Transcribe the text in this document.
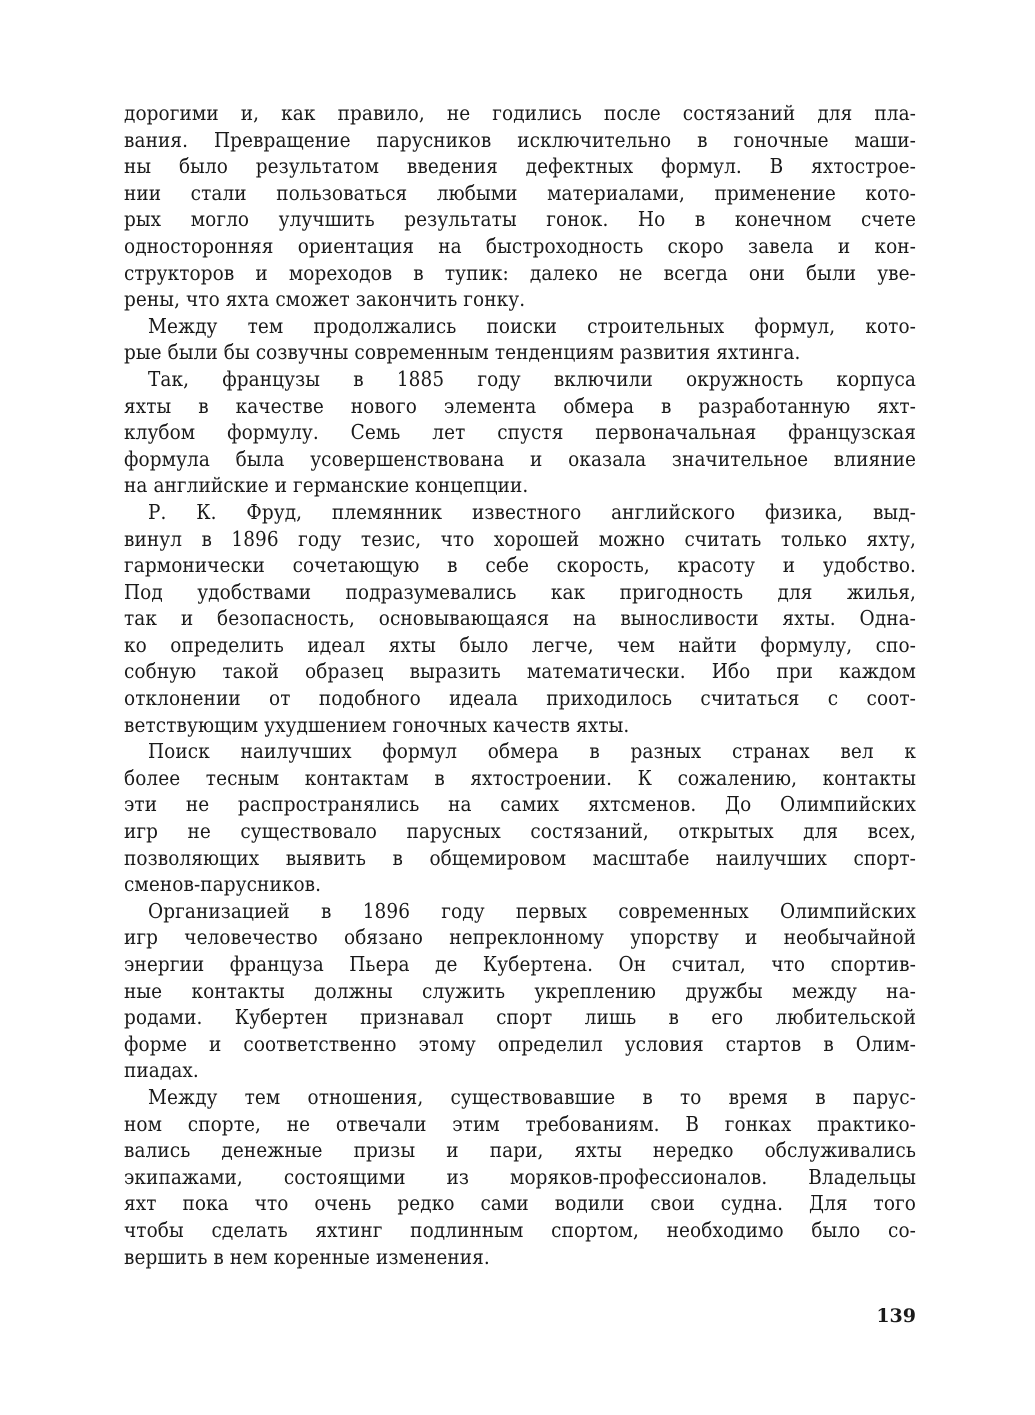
дорогими и, как правило, не годились после состязаний для пла-
вания. Превращение парусников исключительно в гоночные маши-
ны было результатом введения дефектных формул. В яхтострое-
нии стали пользоваться любыми материалами, применение кото-
рых могло улучшить результаты гонок. Но в конечном счете
односторонняя ориентация на быстроходность скоро завела и кон-
структоров и мореходов в тупик: далеко не всегда они были уве-
рены, что яхта сможет закончить гонку.
Между тем продолжались поиски строительных формул, кото-
рые были бы созвучны современным тенденциям развития яхтинга.
Так, французы в 1885 году включили окружность корпуса
яхты в качестве нового элемента обмера в разработанную яхт-
клубом формулу. Семь лет спустя первоначальная французская
формула была усовершенствована и оказала значительное влияние
на английские и германские концепции.
Р. К. Фруд, племянник известного английского физика, выд-
винул в 1896 году тезис, что хорошей можно считать только яхту,
гармонически сочетающую в себе скорость, красоту и удобство.
Под удобствами подразумевались как пригодность для жилья,
так и безопасность, основывающаяся на выносливости яхты. Одна-
ко определить идеал яхты было легче, чем найти формулу, спо-
собную такой образец выразить математически. Ибо при каждом
отклонении от подобного идеала приходилось считаться с соот-
ветствующим ухудшением гоночных качеств яхты.
Поиск наилучших формул обмера в разных странах вел к
более тесным контактам в яхтостроении. К сожалению, контакты
эти не распространялись на самих яхтсменов. До Олимпийских
игр не существовало парусных состязаний, открытых для всех,
позволяющих выявить в общемировом масштабе наилучших спорт-
сменов-парусников.
Организацией в 1896 году первых современных Олимпийских
игр человечество обязано непреклонному упорству и необычайной
энергии француза Пьера де Кубертена. Он считал, что спортив-
ные контакты должны служить укреплению дружбы между на-
родами. Кубертен признавал спорт лишь в его любительской
форме и соответственно этому определил условия стартов в Олим-
пиадах.
Между тем отношения, существовавшие в то время в парус-
ном спорте, не отвечали этим требованиям. В гонках практико-
вались денежные призы и пари, яхты нередко обслуживались
экипажами, состоящими из моряков-профессионалов. Владельцы
яхт пока что очень редко сами водили свои судна. Для того
чтобы сделать яхтинг подлинным спортом, необходимо было со-
вершить в нем коренные изменения.
139
